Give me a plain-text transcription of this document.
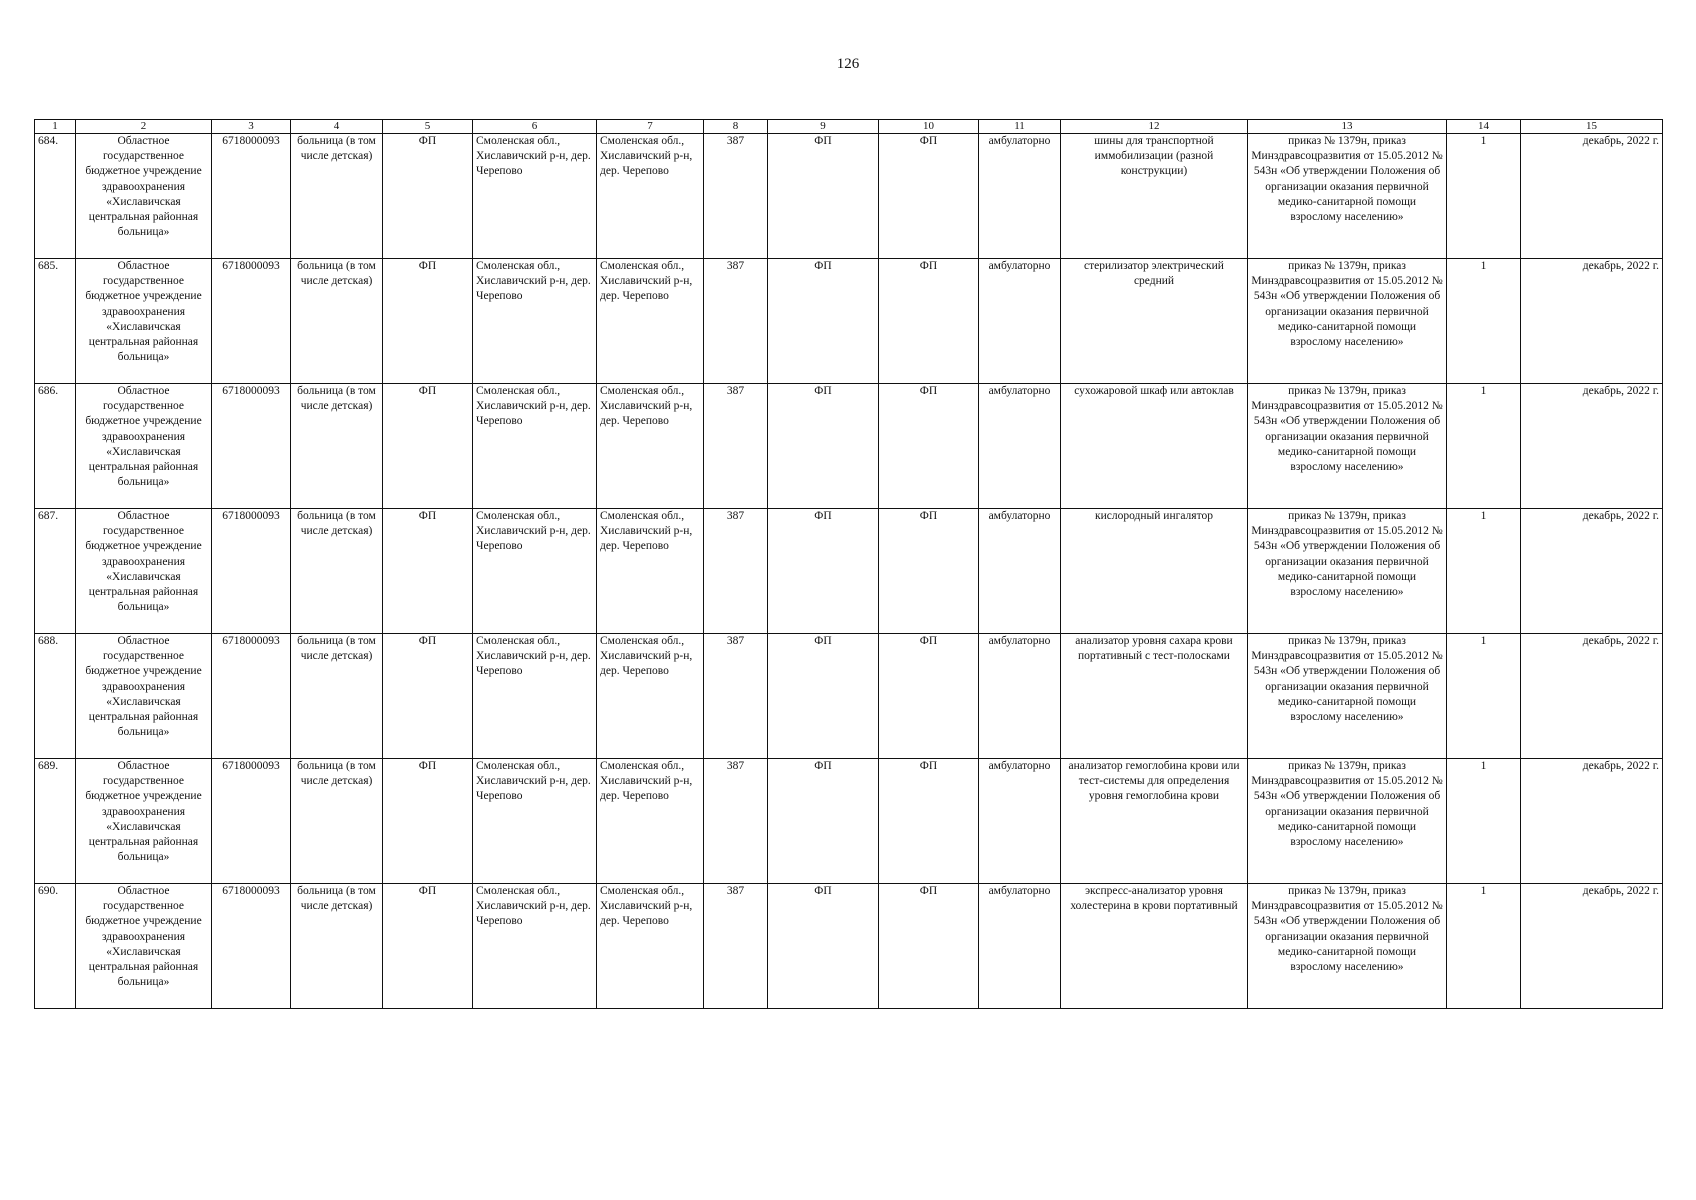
126
1	2	3	4	5	6	7	8	9	10	11	12	13	14	15
684.	Областное государственное бюджетное учреждение здравоохранения «Хиславичская центральная районная больница»	6718000093	больница (в том числе детская)	ФП	Смоленская обл., Хиславичский р-н, дер. Черепово	Смоленская обл., Хиславичский р-н, дер. Черепово	387	ФП	ФП	амбулаторно	шины для транспортной иммобилизации (разной конструкции)	приказ № 1379н, приказ Минздравсоцразвития от 15.05.2012 № 543н «Об утверждении Положения об организации оказания первичной медико-санитарной помощи взрослому населению»	1	декабрь, 2022 г.
685.	Областное государственное бюджетное учреждение здравоохранения «Хиславичская центральная районная больница»	6718000093	больница (в том числе детская)	ФП	Смоленская обл., Хиславичский р-н, дер. Черепово	Смоленская обл., Хиславичский р-н, дер. Черепово	387	ФП	ФП	амбулаторно	стерилизатор электрический средний	приказ № 1379н, приказ Минздравсоцразвития от 15.05.2012 № 543н «Об утверждении Положения об организации оказания первичной медико-санитарной помощи взрослому населению»	1	декабрь, 2022 г.
686.	Областное государственное бюджетное учреждение здравоохранения «Хиславичская центральная районная больница»	6718000093	больница (в том числе детская)	ФП	Смоленская обл., Хиславичский р-н, дер. Черепово	Смоленская обл., Хиславичский р-н, дер. Черепово	387	ФП	ФП	амбулаторно	сухожаровой шкаф или автоклав	приказ № 1379н, приказ Минздравсоцразвития от 15.05.2012 № 543н «Об утверждении Положения об организации оказания первичной медико-санитарной помощи взрослому населению»	1	декабрь, 2022 г.
687.	Областное государственное бюджетное учреждение здравоохранения «Хиславичская центральная районная больница»	6718000093	больница (в том числе детская)	ФП	Смоленская обл., Хиславичский р-н, дер. Черепово	Смоленская обл., Хиславичский р-н, дер. Черепово	387	ФП	ФП	амбулаторно	кислородный ингалятор	приказ № 1379н, приказ Минздравсоцразвития от 15.05.2012 № 543н «Об утверждении Положения об организации оказания первичной медико-санитарной помощи взрослому населению»	1	декабрь, 2022 г.
688.	Областное государственное бюджетное учреждение здравоохранения «Хиславичская центральная районная больница»	6718000093	больница (в том числе детская)	ФП	Смоленская обл., Хиславичский р-н, дер. Черепово	Смоленская обл., Хиславичский р-н, дер. Черепово	387	ФП	ФП	амбулаторно	анализатор уровня сахара крови портативный с тест-полосками	приказ № 1379н, приказ Минздравсоцразвития от 15.05.2012 № 543н «Об утверждении Положения об организации оказания первичной медико-санитарной помощи взрослому населению»	1	декабрь, 2022 г.
689.	Областное государственное бюджетное учреждение здравоохранения «Хиславичская центральная районная больница»	6718000093	больница (в том числе детская)	ФП	Смоленская обл., Хиславичский р-н, дер. Черепово	Смоленская обл., Хиславичский р-н, дер. Черепово	387	ФП	ФП	амбулаторно	анализатор гемоглобина крови или тест-системы для определения уровня гемоглобина крови	приказ № 1379н, приказ Минздравсоцразвития от 15.05.2012 № 543н «Об утверждении Положения об организации оказания первичной медико-санитарной помощи взрослому населению»	1	декабрь, 2022 г.
690.	Областное государственное бюджетное учреждение здравоохранения «Хиславичская центральная районная больница»	6718000093	больница (в том числе детская)	ФП	Смоленская обл., Хиславичский р-н, дер. Черепово	Смоленская обл., Хиславичский р-н, дер. Черепово	387	ФП	ФП	амбулаторно	экспресс-анализатор уровня холестерина в крови портативный	приказ № 1379н, приказ Минздравсоцразвития от 15.05.2012 № 543н «Об утверждении Положения об организации оказания первичной медико-санитарной помощи взрослому населению»	1	декабрь, 2022 г.
